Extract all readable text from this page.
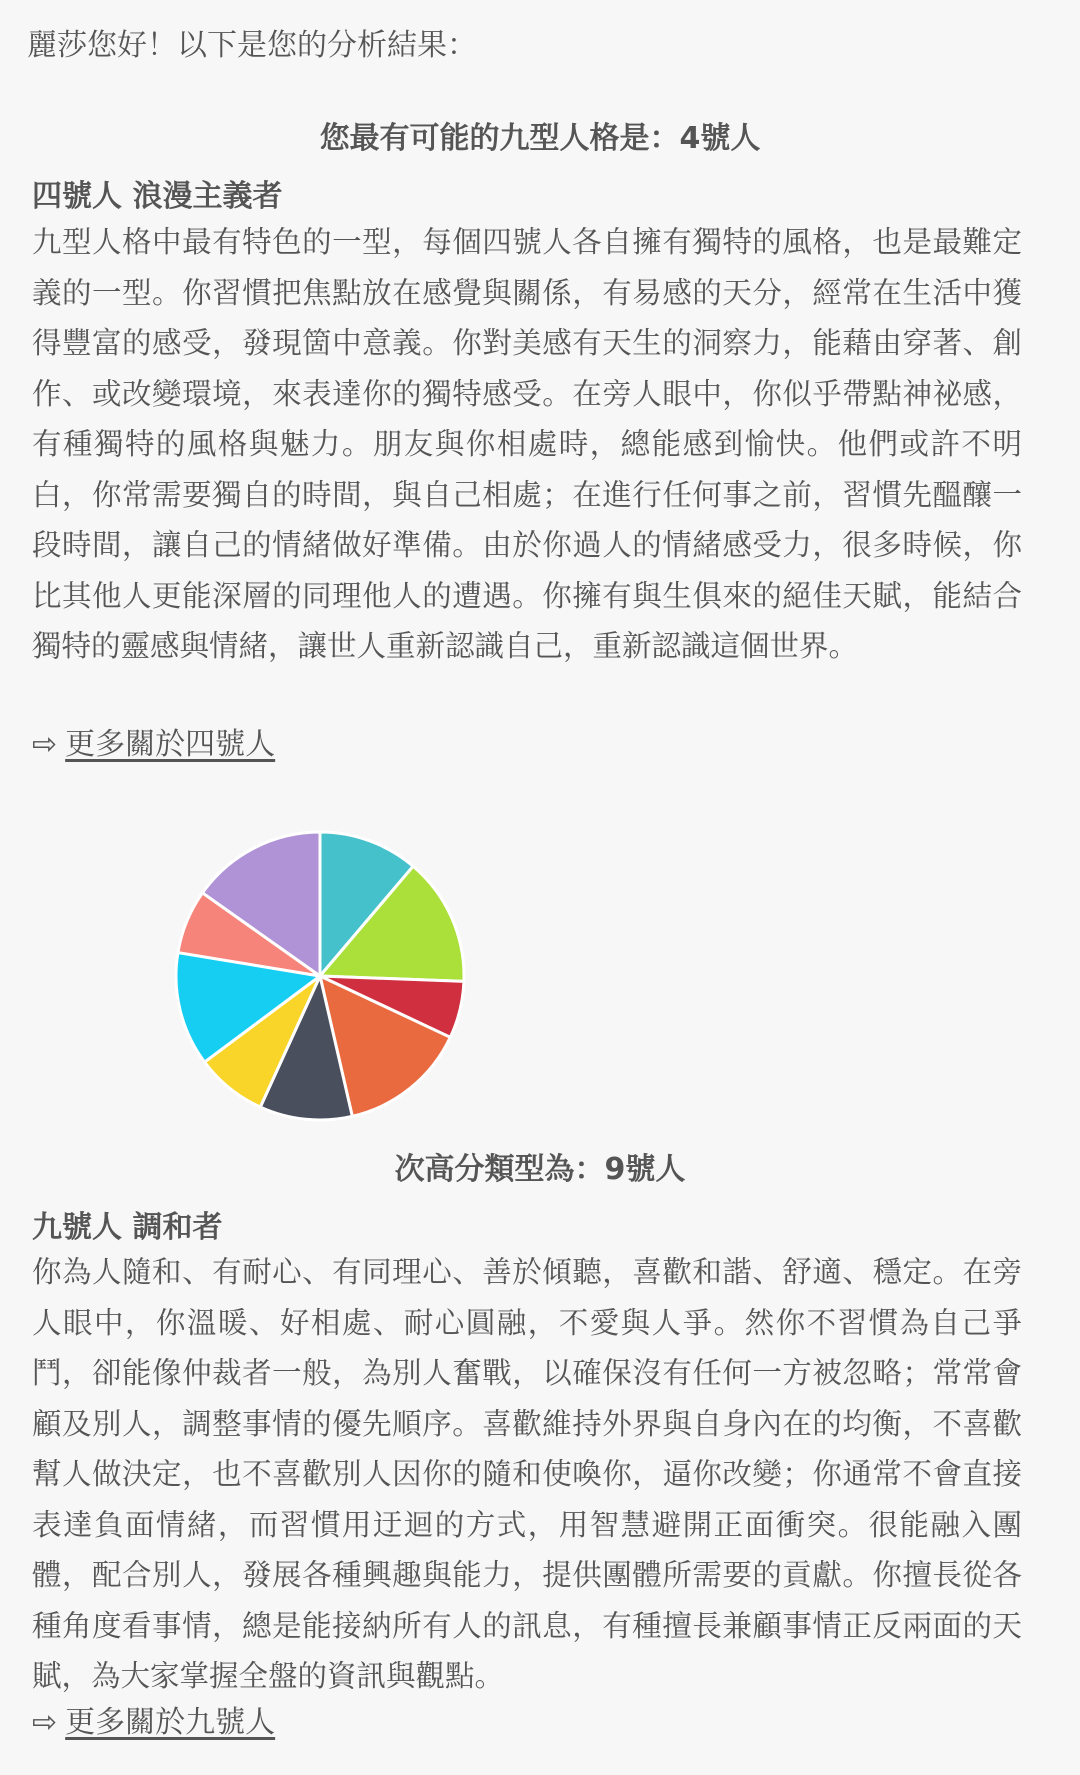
麗莎您好！以下是您的分析結果：
您最有可能的九型人格是：4號人
四號人 浪漫主義者

九型人格中最有特色的一型，每個四號人各自擁有獨特的風格，也是最難定義的一型。你習慣把焦點放在感覺與關係，有易感的天分，經常在生活中獲得豐富的感受，發現箇中意義。你對美感有天生的洞察力，能藉由穿著、創作、或改變環境，來表達你的獨特感受。在旁人眼中，你似乎帶點神祕感，有種獨特的風格與魅力。朋友與你相處時，總能感到愉快。他們或許不明白，你常需要獨自的時間，與自己相處；在進行任何事之前，習慣先醞釀一段時間，讓自己的情緒做好準備。由於你過人的情緒感受力，很多時候，你比其他人更能深層的同理他人的遭遇。你擁有與生俱來的絕佳天賦，能結合獨特的靈感與情緒，讓世人重新認識自己，重新認識這個世界。

⇨ 更多關於四號人
次高分類型為：9號人
九號人 調和者

你為人隨和、有耐心、有同理心、善於傾聽，喜歡和諧、舒適、穩定。在旁人眼中，你溫暖、好相處、耐心圓融，不愛與人爭。然你不習慣為自己爭鬥，卻能像仲裁者一般，為別人奮戰，以確保沒有任何一方被忽略；常常會顧及別人，調整事情的優先順序。喜歡維持外界與自身內在的均衡，不喜歡幫人做決定，也不喜歡別人因你的隨和使喚你，逼你改變；你通常不會直接表達負面情緒，而習慣用迂迴的方式，用智慧避開正面衝突。很能融入團體，配合別人，發展各種興趣與能力，提供團體所需要的貢獻。你擅長從各種角度看事情，總是能接納所有人的訊息，有種擅長兼顧事情正反兩面的天賦，為大家掌握全盤的資訊與觀點。

⇨ 更多關於九號人
